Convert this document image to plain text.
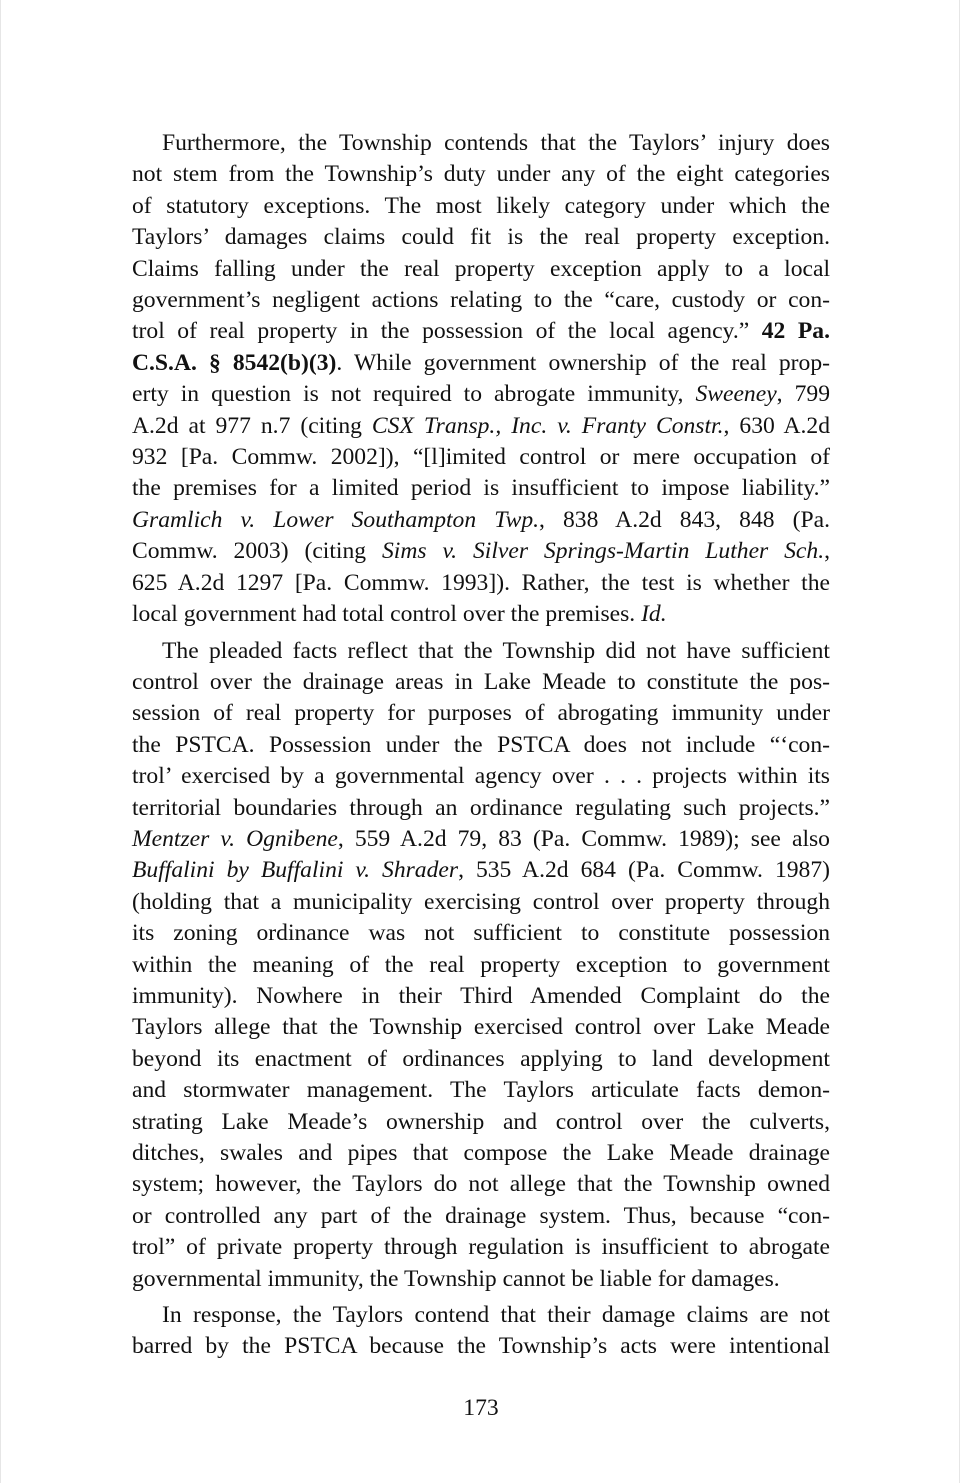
Furthermore, the Township contends that the Taylors’ injury does
not stem from the Township’s duty under any of the eight categories
of statutory exceptions. The most likely category under which the
Taylors’ damages claims could fit is the real property exception.
Claims falling under the real property exception apply to a local
government’s negligent actions relating to the “care, custody or con-
trol of real property in the possession of the local agency.” 42 Pa.
C.S.A. § 8542(b)(3). While government ownership of the real prop-
erty in question is not required to abrogate immunity, Sweeney, 799
A.2d at 977 n.7 (citing CSX Transp., Inc. v. Franty Constr., 630 A.2d
932 [Pa. Commw. 2002]), “[l]imited control or mere occupation of
the premises for a limited period is insufficient to impose liability.”
Gramlich v. Lower Southampton Twp., 838 A.2d 843, 848 (Pa.
Commw. 2003) (citing Sims v. Silver Springs-Martin Luther Sch.,
625 A.2d 1297 [Pa. Commw. 1993]). Rather, the test is whether the
local government had total control over the premises. Id.
The pleaded facts reflect that the Township did not have sufficient
control over the drainage areas in Lake Meade to constitute the pos-
session of real property for purposes of abrogating immunity under
the PSTCA. Possession under the PSTCA does not include “‘con-
trol’ exercised by a governmental agency over . . . projects within its
territorial boundaries through an ordinance regulating such projects.”
Mentzer v. Ognibene, 559 A.2d 79, 83 (Pa. Commw. 1989); see also
Buffalini by Buffalini v. Shrader, 535 A.2d 684 (Pa. Commw. 1987)
(holding that a municipality exercising control over property through
its zoning ordinance was not sufficient to constitute possession
within the meaning of the real property exception to government
immunity). Nowhere in their Third Amended Complaint do the
Taylors allege that the Township exercised control over Lake Meade
beyond its enactment of ordinances applying to land development
and stormwater management. The Taylors articulate facts demon-
strating Lake Meade’s ownership and control over the culverts,
ditches, swales and pipes that compose the Lake Meade drainage
system; however, the Taylors do not allege that the Township owned
or controlled any part of the drainage system. Thus, because “con-
trol” of private property through regulation is insufficient to abrogate
governmental immunity, the Township cannot be liable for damages.
In response, the Taylors contend that their damage claims are not
barred by the PSTCA because the Township’s acts were intentional
173
